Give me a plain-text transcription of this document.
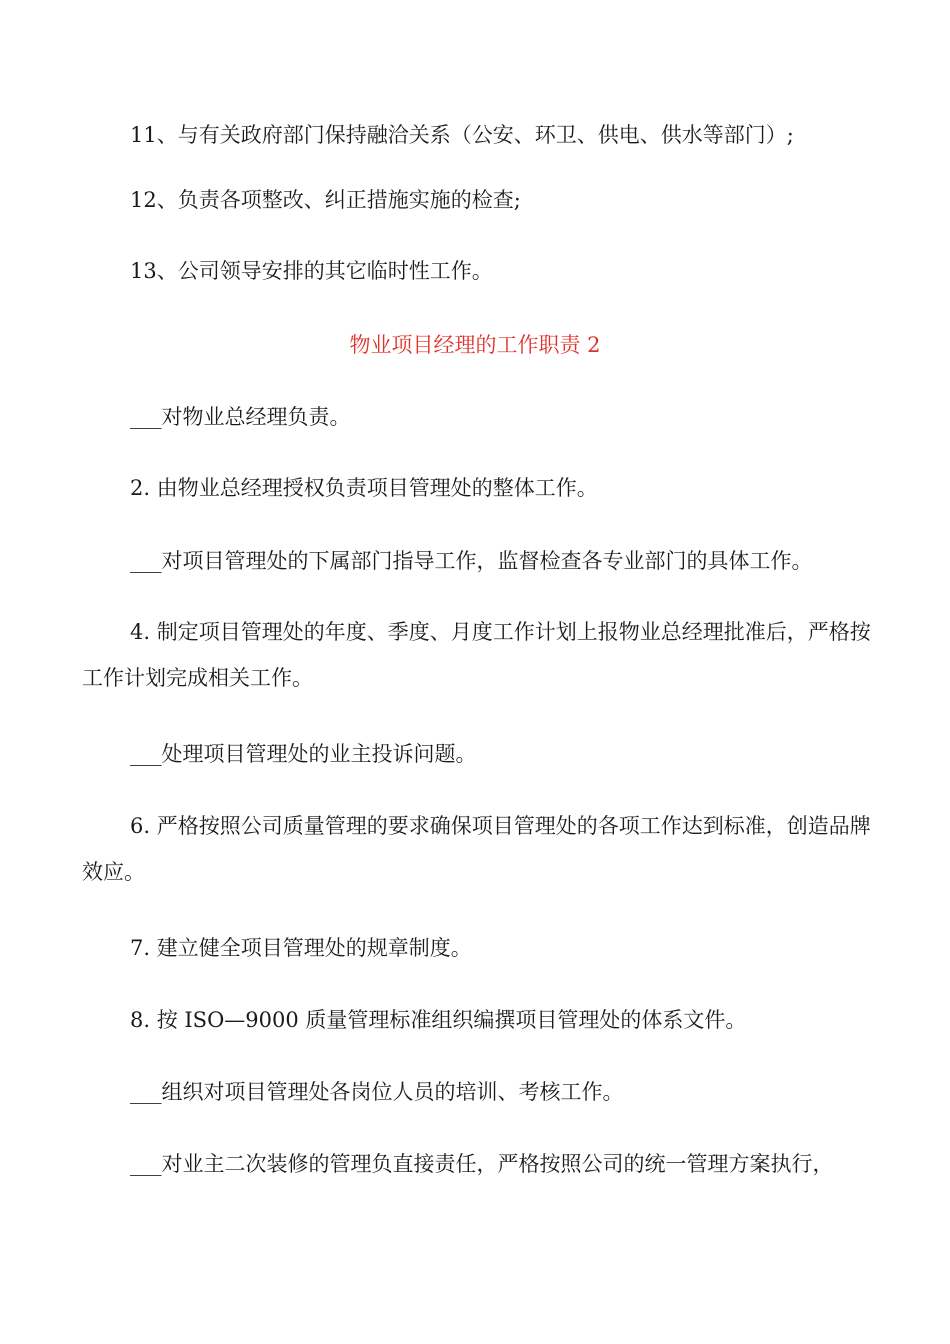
11、与有关政府部门保持融洽关系（公安、环卫、供电、供水等部门）;

12、负责各项整改、纠正措施实施的检查;

13、公司领导安排的其它临时性工作。

物业项目经理的工作职责 2

___对物业总经理负责。

2. 由物业总经理授权负责项目管理处的整体工作。

___对项目管理处的下属部门指导工作，监督检查各专业部门的具体工作。

4. 制定项目管理处的年度、季度、月度工作计划上报物业总经理批准后，严格按工作计划完成相关工作。

___处理项目管理处的业主投诉问题。

6. 严格按照公司质量管理的要求确保项目管理处的各项工作达到标准，创造品牌效应。

7. 建立健全项目管理处的规章制度。

8. 按 ISO—9000 质量管理标准组织编撰项目管理处的体系文件。

___组织对项目管理处各岗位人员的培训、考核工作。

___对业主二次装修的管理负直接责任，严格按照公司的统一管理方案执行，
